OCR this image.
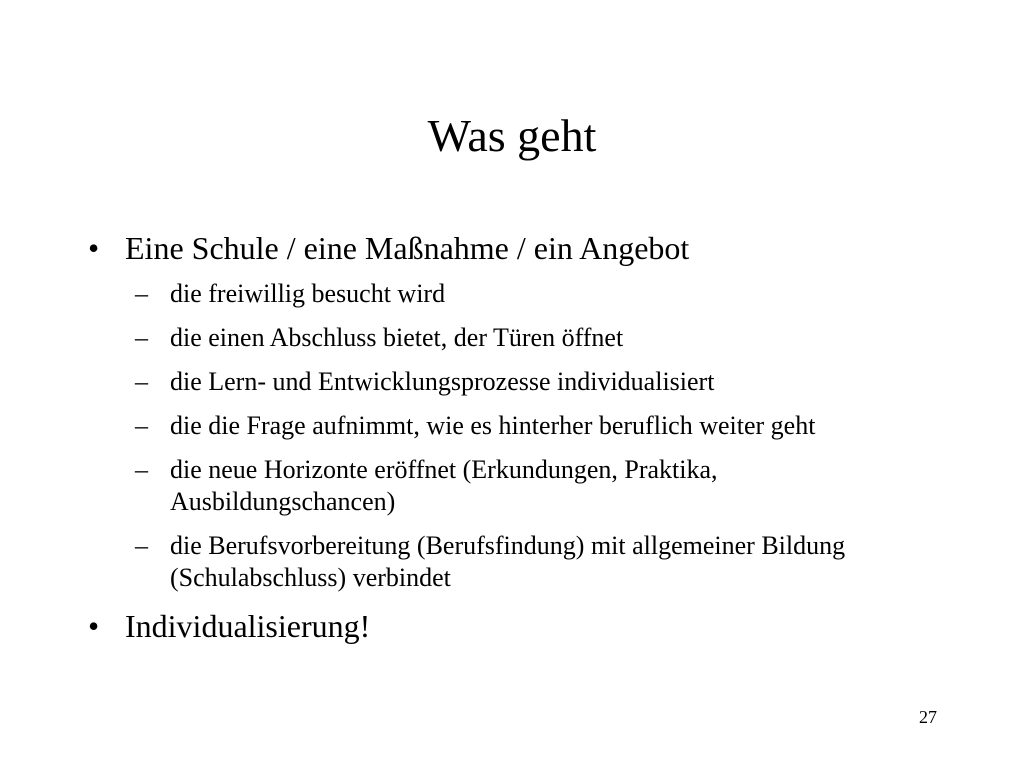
Was geht
• Eine Schule / eine Maßnahme / ein Angebot
– die freiwillig besucht wird
– die einen Abschluss bietet, der Türen öffnet
– die Lern- und Entwicklungsprozesse individualisiert
– die die Frage aufnimmt, wie es hinterher beruflich weiter geht
– die neue Horizonte eröffnet (Erkundungen, Praktika, Ausbildungschancen)
– die Berufsvorbereitung (Berufsfindung) mit allgemeiner Bildung (Schulabschluss) verbindet
• Individualisierung!
27
